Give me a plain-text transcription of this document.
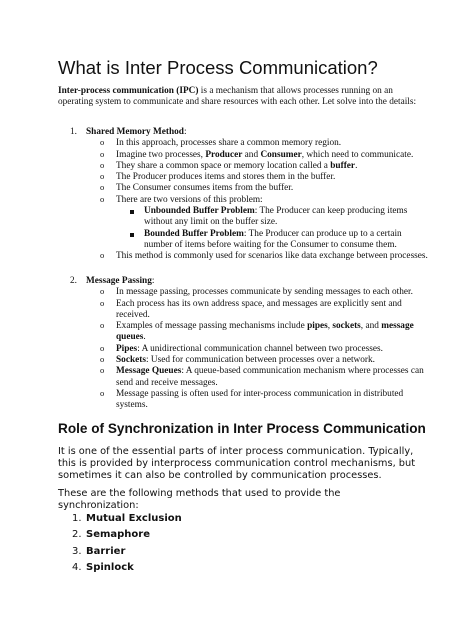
What is Inter Process Communication?

Inter-process communication (IPC) is a mechanism that allows processes running on an operating system to communicate and share resources with each other. Let solve into the details:

1. Shared Memory Method:
o In this approach, processes share a common memory region.
o Imagine two processes, Producer and Consumer, which need to communicate.
o They share a common space or memory location called a buffer.
o The Producer produces items and stores them in the buffer.
o The Consumer consumes items from the buffer.
o There are two versions of this problem:
Unbounded Buffer Problem: The Producer can keep producing items without any limit on the buffer size.
Bounded Buffer Problem: The Producer can produce up to a certain number of items before waiting for the Consumer to consume them.
o This method is commonly used for scenarios like data exchange between processes.
2. Message Passing:
o In message passing, processes communicate by sending messages to each other.
o Each process has its own address space, and messages are explicitly sent and received.
o Examples of message passing mechanisms include pipes, sockets, and message queues.
o Pipes: A unidirectional communication channel between two processes.
o Sockets: Used for communication between processes over a network.
o Message Queues: A queue-based communication mechanism where processes can send and receive messages.
o Message passing is often used for inter-process communication in distributed systems.
Role of Synchronization in Inter Process Communication

It is one of the essential parts of inter process communication. Typically, this is provided by interprocess communication control mechanisms, but sometimes it can also be controlled by communication processes.

These are the following methods that used to provide the synchronization:

1. Mutual Exclusion
2. Semaphore
3. Barrier
4. Spinlock
